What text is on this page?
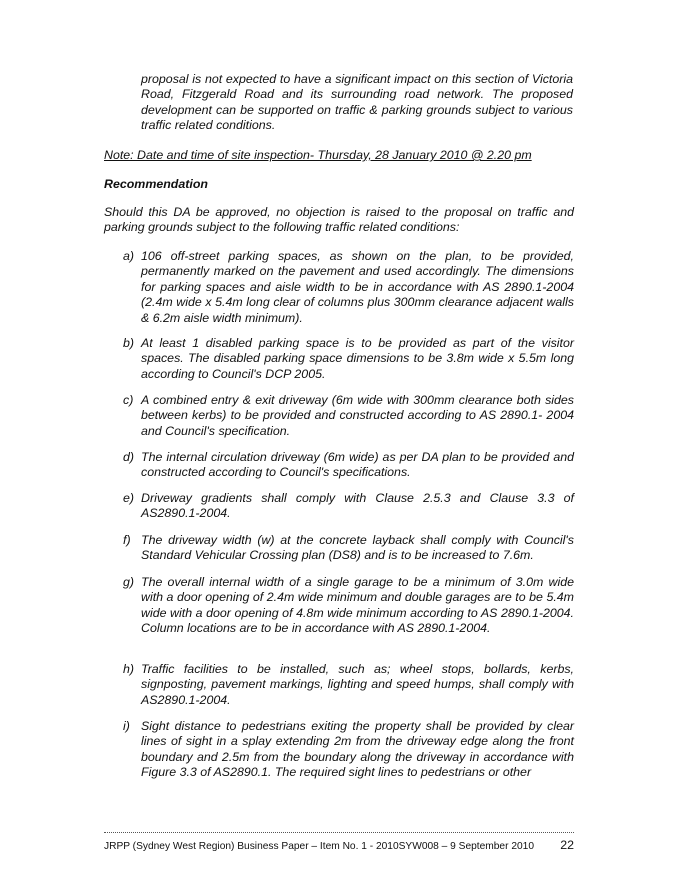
proposal is not expected to have a significant impact on this section of Victoria Road, Fitzgerald Road and its surrounding road network. The proposed development can be supported on traffic & parking grounds subject to various traffic related conditions.

Note: Date and time of site inspection- Thursday, 28 January 2010 @ 2.20 pm

Recommendation

Should this DA be approved, no objection is raised to the proposal on traffic and parking grounds subject to the following traffic related conditions:

a) 106 off-street parking spaces, as shown on the plan, to be provided, permanently marked on the pavement and used accordingly. The dimensions for parking spaces and aisle width to be in accordance with AS 2890.1-2004 (2.4m wide x 5.4m long clear of columns plus 300mm clearance adjacent walls & 6.2m aisle width minimum).
b) At least 1 disabled parking space is to be provided as part of the visitor spaces. The disabled parking space dimensions to be 3.8m wide x 5.5m long according to Council's DCP 2005.
c) A combined entry & exit driveway (6m wide with 300mm clearance both sides between kerbs) to be provided and constructed according to AS 2890.1- 2004 and Council's specification.
d) The internal circulation driveway (6m wide) as per DA plan to be provided and constructed according to Council's specifications.
e) Driveway gradients shall comply with Clause 2.5.3 and Clause 3.3 of AS2890.1-2004.
f) The driveway width (w) at the concrete layback shall comply with Council's Standard Vehicular Crossing plan (DS8) and is to be increased to 7.6m.
g) The overall internal width of a single garage to be a minimum of 3.0m wide with a door opening of 2.4m wide minimum and double garages are to be 5.4m wide with a door opening of 4.8m wide minimum according to AS 2890.1-2004. Column locations are to be in accordance with AS 2890.1-2004.
h) Traffic facilities to be installed, such as; wheel stops, bollards, kerbs, signposting, pavement markings, lighting and speed humps, shall comply with AS2890.1-2004.
i) Sight distance to pedestrians exiting the property shall be provided by clear lines of sight in a splay extending 2m from the driveway edge along the front boundary and 2.5m from the boundary along the driveway in accordance with Figure 3.3 of AS2890.1. The required sight lines to pedestrians or other
JRPP (Sydney West Region) Business Paper – Item No. 1 - 2010SYW008 – 9 September 2010 22
